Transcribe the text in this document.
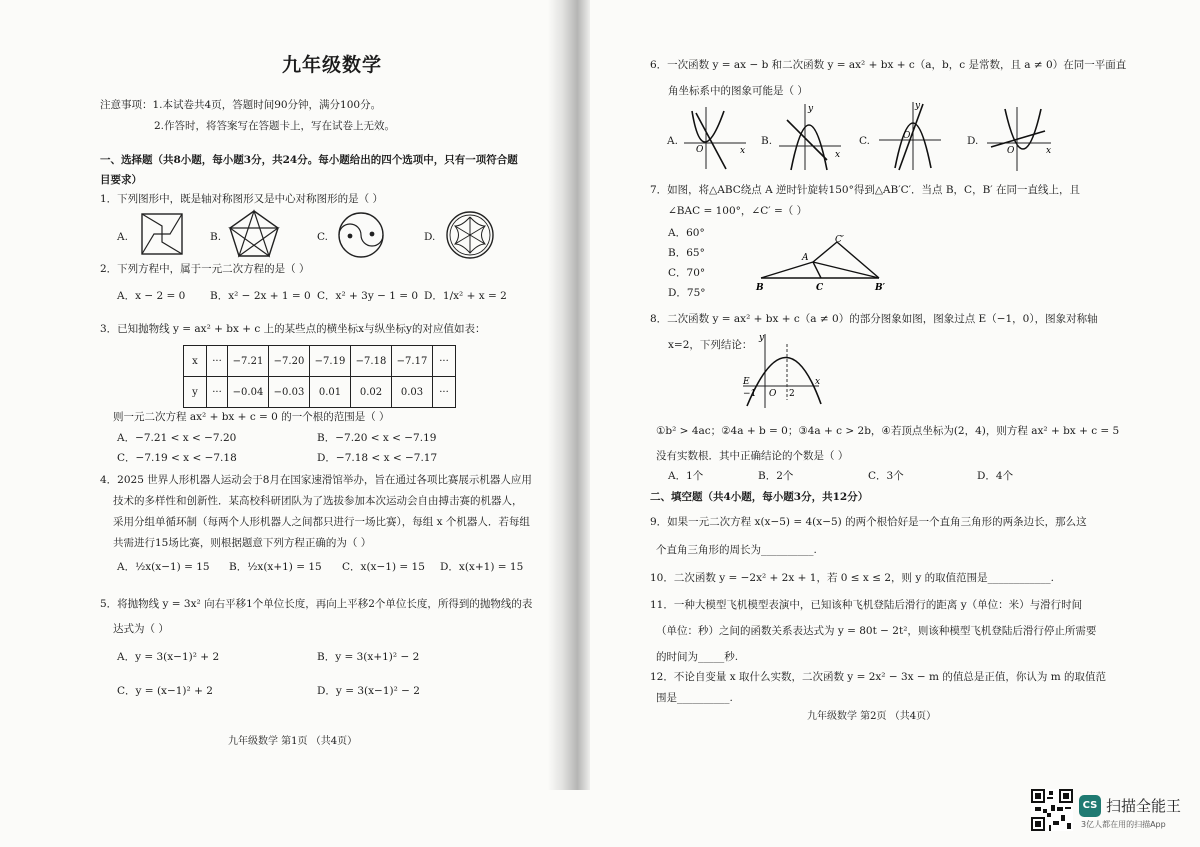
九年级数学
注意事项：1.本试卷共4页，答题时间90分钟，满分100分。
2.作答时，将答案写在答题卡上，写在试卷上无效。
一、选择题（共8小题，每小题3分，共24分。每小题给出的四个选项中，只有一项符合题
目要求）
1．下列图形中，既是轴对称图形又是中心对称图形的是（ ）
A.	B.	C.	D.
2．下列方程中，属于一元二次方程的是（ ）
A．x − 2 = 0 B．x² − 2x + 1 = 0 C．x² + 3y − 1 = 0 D．1/x² + x = 2
3．已知抛物线 y = ax² + bx + c 上的某些点的横坐标x与纵坐标y的对应值如表：
x	···	−7.21	−7.20	−7.19	−7.18	−7.17	···
y	···	−0.04	−0.03	0.01	0.02	0.03	···
则一元二次方程 ax² + bx + c = 0 的一个根的范围是（ ）
A．−7.21 < x < −7.20	B．−7.20 < x < −7.19
C．−7.19 < x < −7.18	D．−7.18 < x < −7.17
4．2025 世界人形机器人运动会于8月在国家速滑馆举办，旨在通过各项比赛展示机器人应用
技术的多样性和创新性．某高校科研团队为了选拔参加本次运动会自由搏击赛的机器人，
采用分组单循环制（每两个人形机器人之间都只进行一场比赛），每组 x 个机器人．若每组
共需进行15场比赛，则根据题意下列方程正确的为（ ）
A．½x(x−1) = 15 B．½x(x+1) = 15 C．x(x−1) = 15 D．x(x+1) = 15
5．将抛物线 y = 3x² 向右平移1个单位长度，再向上平移2个单位长度，所得到的抛物线的表
达式为（ ）
A．y = 3(x−1)² + 2	B．y = 3(x+1)² − 2
C．y = (x−1)² + 2	D．y = 3(x−1)² − 2
九年级数学 第1页 （共4页）
6．一次函数 y = ax − b 和二次函数 y = ax² + bx + c（a，b，c 是常数，且 a ≠ 0）在同一平面直
角坐标系中的图象可能是（ ）
A.
O	x
B.
y
x
C.
y
O	D.
O	x
7．如图，将△ABC绕点 A 逆时针旋转150°得到△AB′C′．当点 B，C，B′ 在同一直线上，且
∠BAC = 100°，∠C′ =（ ）
A．60°
B．65°
C．70°
D．75°
A
B	C	B′
C′
8．二次函数 y = ax² + bx + c（a ≠ 0）的部分图象如图，图象过点 E（−1，0），图象对称轴
x=2，下列结论：
y
E
−1 O 2
x
①b² > 4ac；②4a + b = 0；③4a + c > 2b，④若顶点坐标为(2，4)，则方程 ax² + bx + c = 5
没有实数根．其中正确结论的个数是（ ）
A．1个	B．2个	C．3个	D．4个
二、填空题（共4小题，每小题3分，共12分）
9．如果一元二次方程 x(x−5) = 4(x−5) 的两个根恰好是一个直角三角形的两条边长，那么这
个直角三角形的周长为__________.
10．二次函数 y = −2x² + 2x + 1，若 0 ≤ x ≤ 2，则 y 的取值范围是____________.
11．一种大模型飞机模型表演中，已知该种飞机登陆后滑行的距离 y（单位：米）与滑行时间
（单位：秒）之间的函数关系表达式为 y = 80t − 2t²，则该种模型飞机登陆后滑行停止所需要
的时间为_____秒.
12．不论自变量 x 取什么实数，二次函数 y = 2x² − 3x − m 的值总是正值，你认为 m 的取值范
围是__________.
九年级数学 第2页 （共4页）
CS 扫描全能王
3亿人都在用的扫描App
